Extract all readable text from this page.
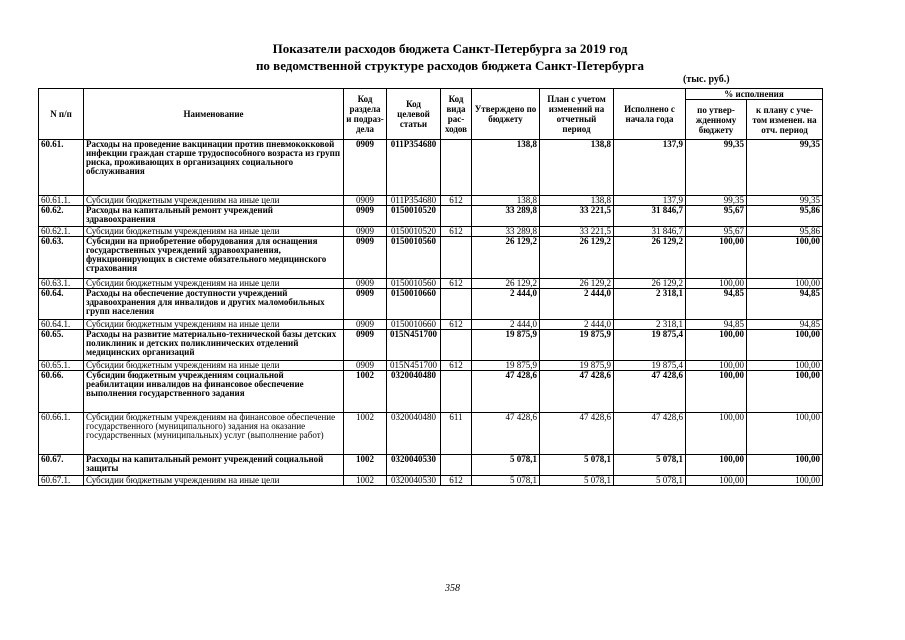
Показатели расходов бюджета Санкт-Петербурга за 2019 год
по ведомственной структуре расходов бюджета Санкт-Петербурга
(тыс. руб.)
N п/п	Наименование	Код раздела и подраз-дела	Код целевой статьи	Код вида рас-ходов	Утверждено по бюджету	План с учетом изменений на отчетный период	Исполнено с начала года	% исполнения	
								по утвер-жденному бюджету	к плану с уче-том изменен. на отч. период
60.61.	Расходы на проведение вакцинации против пневмококковой инфекции граждан старше трудоспособного возраста из групп риска, проживающих в организациях социального обслуживания	0909	011Р354680		138,8	138,8	137,9	99,35	99,35
60.61.1.	Субсидии бюджетным учреждениям на иные цели	0909	011Р354680	612	138,8	138,8	137,9	99,35	99,35
60.62.	Расходы на капитальный ремонт учреждений здравоохранения	0909	0150010520		33 289,8	33 221,5	31 846,7	95,67	95,86
60.62.1.	Субсидии бюджетным учреждениям на иные цели	0909	0150010520	612	33 289,8	33 221,5	31 846,7	95,67	95,86
60.63.	Субсидии на приобретение оборудования для оснащения государственных учреждений здравоохранения, функционирующих в системе обязательного медицинского страхования	0909	0150010560		26 129,2	26 129,2	26 129,2	100,00	100,00
60.63.1.	Субсидии бюджетным учреждениям на иные цели	0909	0150010560	612	26 129,2	26 129,2	26 129,2	100,00	100,00
60.64.	Расходы на обеспечение доступности учреждений здравоохранения для инвалидов и других маломобильных групп населения	0909	0150010660		2 444,0	2 444,0	2 318,1	94,85	94,85
60.64.1.	Субсидии бюджетным учреждениям на иные цели	0909	0150010660	612	2 444,0	2 444,0	2 318,1	94,85	94,85
60.65.	Расходы на развитие материально-технической базы детских поликлиник и детских поликлинических отделений медицинских организаций	0909	015N451700		19 875,9	19 875,9	19 875,4	100,00	100,00
60.65.1.	Субсидии бюджетным учреждениям на иные цели	0909	015N451700	612	19 875,9	19 875,9	19 875,4	100,00	100,00
60.66.	Субсидии бюджетным учреждениям социальной реабилитации инвалидов на финансовое обеспечение выполнения государственного задания	1002	0320040480		47 428,6	47 428,6	47 428,6	100,00	100,00
60.66.1.	Субсидии бюджетным учреждениям на финансовое обеспечение государственного (муниципального) задания на оказание государственных (муниципальных) услуг (выполнение работ)	1002	0320040480	611	47 428,6	47 428,6	47 428,6	100,00	100,00
60.67.	Расходы на капитальный ремонт учреждений социальной защиты	1002	0320040530		5 078,1	5 078,1	5 078,1	100,00	100,00
60.67.1.	Субсидии бюджетным учреждениям на иные цели	1002	0320040530	612	5 078,1	5 078,1	5 078,1	100,00	100,00
358
